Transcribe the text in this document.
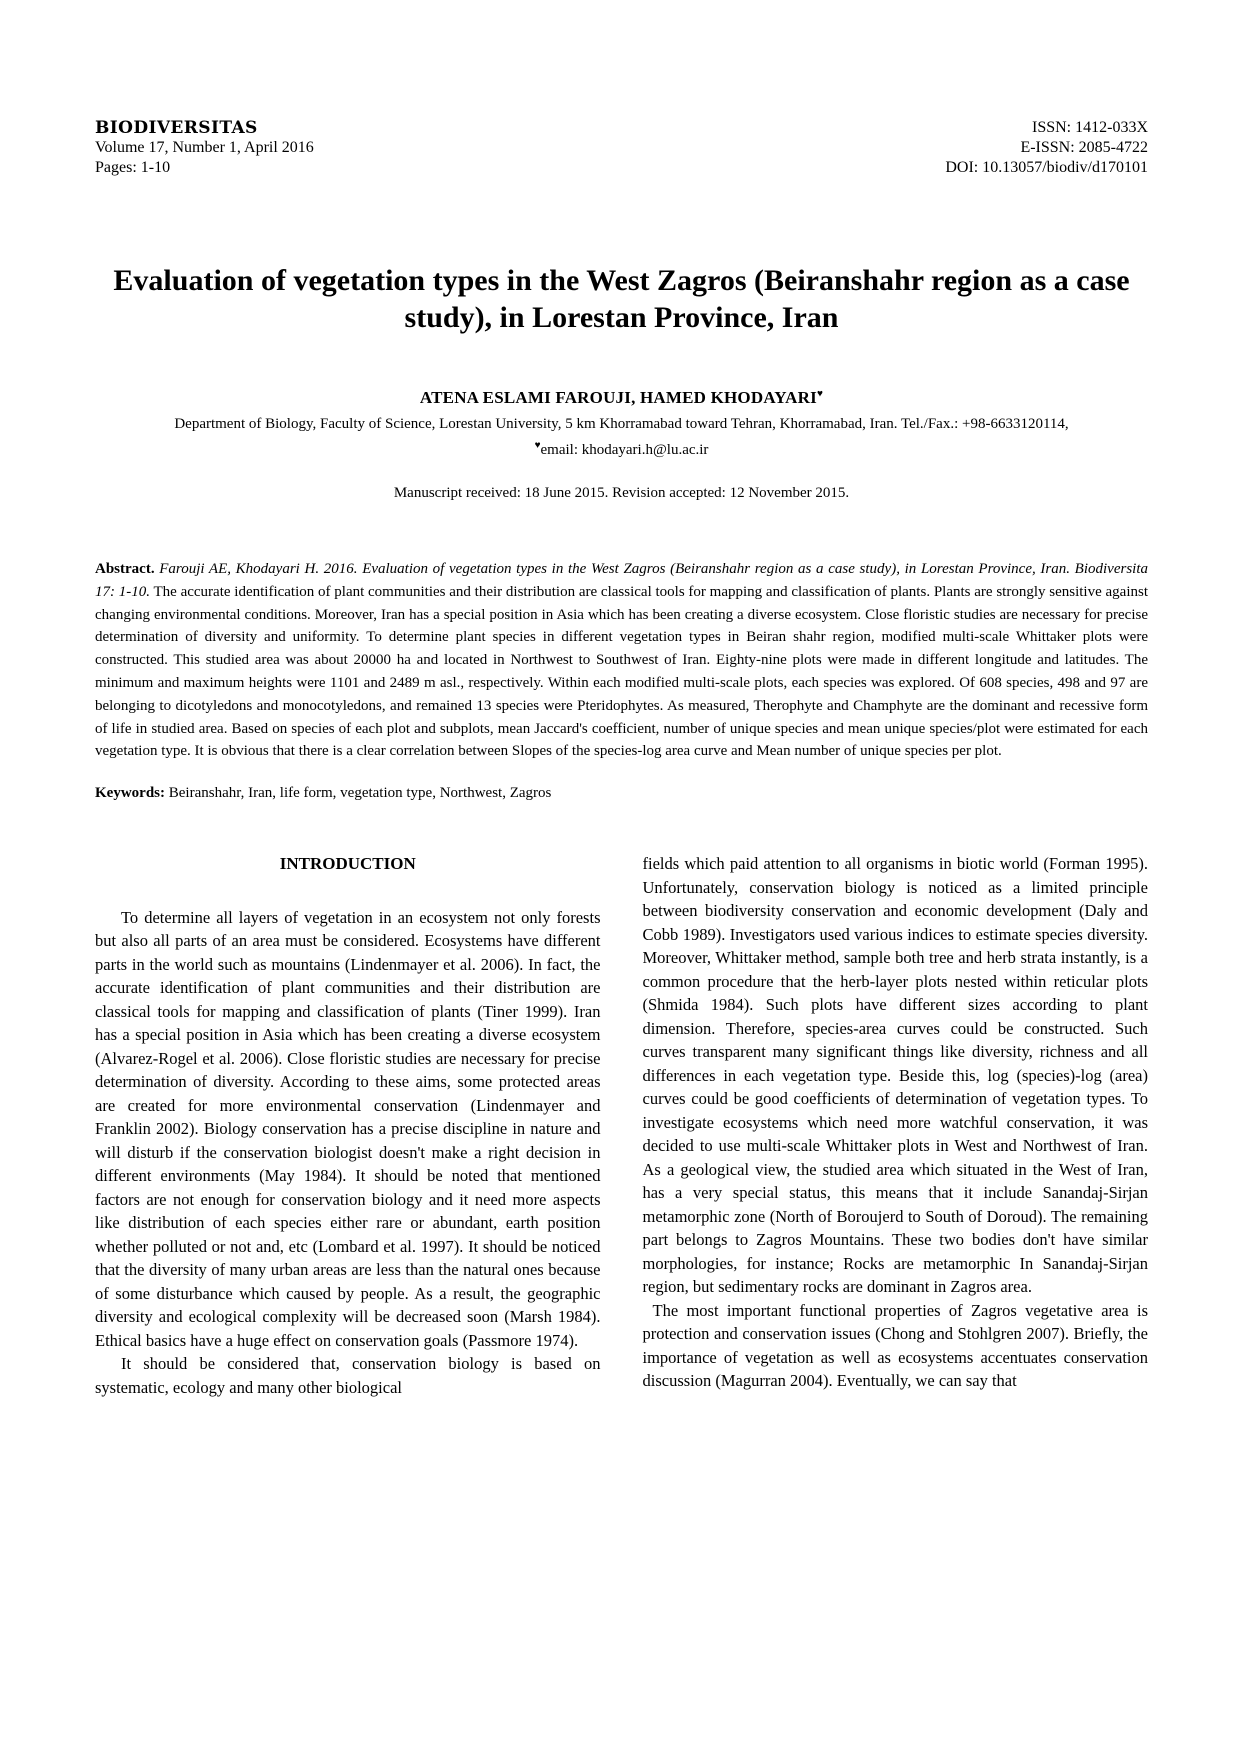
BIODIVERSITAS
Volume 17, Number 1, April 2016
Pages: 1-10
ISSN: 1412-033X
E-ISSN: 2085-4722
DOI: 10.13057/biodiv/d170101
Evaluation of vegetation types in the West Zagros (Beiranshahr region as a case study), in Lorestan Province, Iran
ATENA ESLAMI FAROUJI, HAMED KHODAYARI♥
Department of Biology, Faculty of Science, Lorestan University, 5 km Khorramabad toward Tehran, Khorramabad, Iran. Tel./Fax.: +98-6633120114,
♥email: khodayari.h@lu.ac.ir
Manuscript received: 18 June 2015. Revision accepted: 12 November 2015.

Abstract. Farouji AE, Khodayari H. 2016. Evaluation of vegetation types in the West Zagros (Beiranshahr region as a case study), in Lorestan Province, Iran. Biodiversita 17: 1-10. The accurate identification of plant communities and their distribution are classical tools for mapping and classification of plants. Plants are strongly sensitive against changing environmental conditions. Moreover, Iran has a special position in Asia which has been creating a diverse ecosystem. Close floristic studies are necessary for precise determination of diversity and uniformity. To determine plant species in different vegetation types in Beiran shahr region, modified multi-scale Whittaker plots were constructed. This studied area was about 20000 ha and located in Northwest to Southwest of Iran. Eighty-nine plots were made in different longitude and latitudes. The minimum and maximum heights were 1101 and 2489 m asl., respectively. Within each modified multi-scale plots, each species was explored. Of 608 species, 498 and 97 are belonging to dicotyledons and monocotyledons, and remained 13 species were Pteridophytes. As measured, Therophyte and Champhyte are the dominant and recessive form of life in studied area. Based on species of each plot and subplots, mean Jaccard's coefficient, number of unique species and mean unique species/plot were estimated for each vegetation type. It is obvious that there is a clear correlation between Slopes of the species-log area curve and Mean number of unique species per plot.

Keywords: Beiranshahr, Iran, life form, vegetation type, Northwest, Zagros

INTRODUCTION

To determine all layers of vegetation in an ecosystem not only forests but also all parts of an area must be considered. Ecosystems have different parts in the world such as mountains (Lindenmayer et al. 2006). In fact, the accurate identification of plant communities and their distribution are classical tools for mapping and classification of plants (Tiner 1999). Iran has a special position in Asia which has been creating a diverse ecosystem (Alvarez-Rogel et al. 2006). Close floristic studies are necessary for precise determination of diversity. According to these aims, some protected areas are created for more environmental conservation (Lindenmayer and Franklin 2002). Biology conservation has a precise discipline in nature and will disturb if the conservation biologist doesn't make a right decision in different environments (May 1984). It should be noted that mentioned factors are not enough for conservation biology and it need more aspects like distribution of each species either rare or abundant, earth position whether polluted or not and, etc (Lombard et al. 1997). It should be noticed that the diversity of many urban areas are less than the natural ones because of some disturbance which caused by people. As a result, the geographic diversity and ecological complexity will be decreased soon (Marsh 1984). Ethical basics have a huge effect on conservation goals (Passmore 1974).

It should be considered that, conservation biology is based on systematic, ecology and many other biological

fields which paid attention to all organisms in biotic world (Forman 1995). Unfortunately, conservation biology is noticed as a limited principle between biodiversity conservation and economic development (Daly and Cobb 1989). Investigators used various indices to estimate species diversity. Moreover, Whittaker method, sample both tree and herb strata instantly, is a common procedure that the herb-layer plots nested within reticular plots (Shmida 1984). Such plots have different sizes according to plant dimension. Therefore, species-area curves could be constructed. Such curves transparent many significant things like diversity, richness and all differences in each vegetation type. Beside this, log (species)-log (area) curves could be good coefficients of determination of vegetation types. To investigate ecosystems which need more watchful conservation, it was decided to use multi-scale Whittaker plots in West and Northwest of Iran. As a geological view, the studied area which situated in the West of Iran, has a very special status, this means that it include Sanandaj-Sirjan metamorphic zone (North of Boroujerd to South of Doroud). The remaining part belongs to Zagros Mountains. These two bodies don't have similar morphologies, for instance; Rocks are metamorphic In Sanandaj-Sirjan region, but sedimentary rocks are dominant in Zagros area.

The most important functional properties of Zagros vegetative area is protection and conservation issues (Chong and Stohlgren 2007). Briefly, the importance of vegetation as well as ecosystems accentuates conservation discussion (Magurran 2004). Eventually, we can say that
